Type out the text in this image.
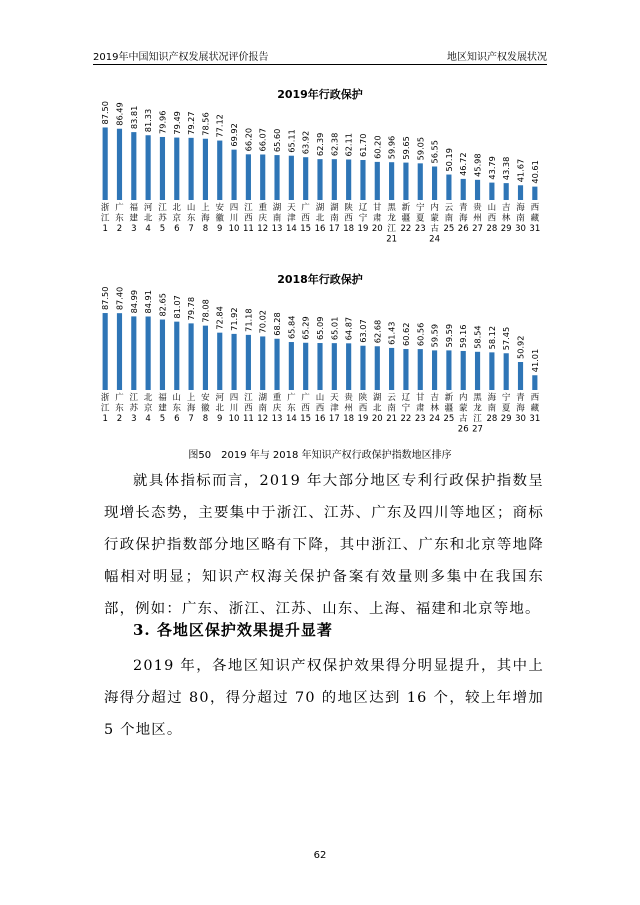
2019年中国知识产权发展状况评价报告	地区知识产权发展状况
2019年行政保护
87.50
浙江 1
86.49
广东 2
83.81
福建 3
81.33
河北 4
79.96
江苏 5
79.49
北京 6
79.27
山东 7
78.56
上海 8
77.12
安徽 9
69.92
四川 10
66.20
江西 11
66.07
重庆 12
65.60
湖南 13
65.11
天津 14
63.92
广西 15
62.39
湖北 16
62.38
湖南 17
62.11
陕西 18
61.70
辽宁 19
60.20
甘肃 20
59.96
黑龙江 21
59.65
新疆 22
59.05
宁夏 23
56.55
内蒙古 24
50.19
云南 25
46.72
青海 26
45.98
贵州 27
43.79
山西 28
43.38
吉林 29
41.67
海南 30
40.61
西藏 31
2018年行政保护
87.50
浙江 1
87.40
广东 2
84.99
江苏 3
84.91
北京 4
82.65
福建 5
81.07
山东 6
79.78
上海 7
78.08
安徽 8
72.84
河北 9
71.92
四川 10
71.18
江西 11
70.02
湖南 12
68.28
重庆 13
65.84
广东 14
65.29
广西 15
65.09
山西 16
65.01
天津 17
64.87
贵州 18
63.07
陕西 19
62.68
湖北 20
61.43
云南 21
60.62
辽宁 22
60.56
甘肃 23
59.59
吉林 24
59.59
新疆 25
59.16
内蒙古 26
58.54
黑龙江 27
58.12
海南 28
57.45
宁夏 29
50.92
青海 30
41.01
西藏 31
图50　2019 年与 2018 年知识产权行政保护指数地区排序
就具体指标而言，2019 年大部分地区专利行政保护指数呈现增长态势，主要集中于浙江、江苏、广东及四川等地区；商标行政保护指数部分地区略有下降，其中浙江、广东和北京等地降幅相对明显；知识产权海关保护备案有效量则多集中在我国东部，例如：广东、浙江、江苏、山东、上海、福建和北京等地。
3. 各地区保护效果提升显著
2019 年，各地区知识产权保护效果得分明显提升，其中上海得分超过 80，得分超过 70 的地区达到 16 个，较上年增加 5 个地区。
62
